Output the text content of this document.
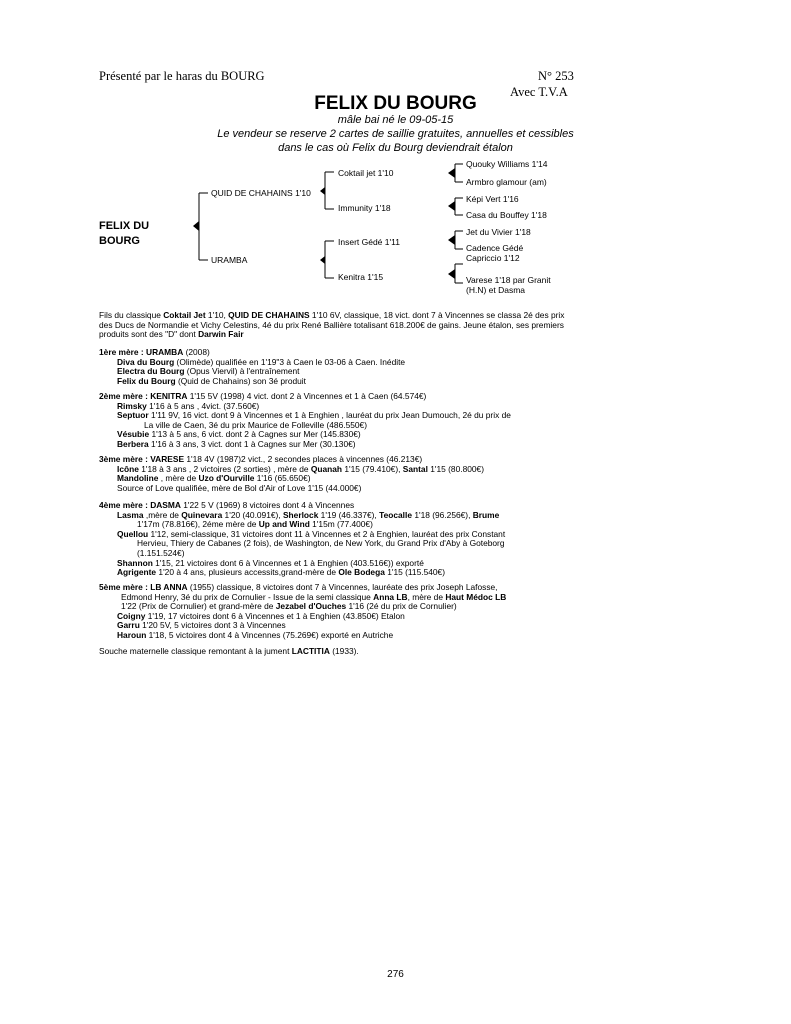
Présenté par le haras du BOURG	N° 253
Avec T.V.A
FELIX DU BOURG
mâle bai né le 09-05-15
Le vendeur se reserve 2 cartes de saillie gratuites, annuelles et cessibles
dans le cas où Felix du Bourg deviendrait étalon
FELIX DU
BOURG
QUID DE CHAHAINS 1'10
URAMBA
Coktail jet 1'10
Immunity 1'18
Insert Gédé 1'11
Kenitra 1'15
Quouky Williams 1'14
Armbro glamour (am)
Képi Vert 1'16
Casa du Bouffey 1'18
Jet du Vivier 1'18
Cadence Gédé
Capriccio 1'12
Varese 1'18 par Granit
(H.N) et Dasma
Fils du classique Coktail Jet 1'10, QUID DE CHAHAINS 1'10 6V, classique, 18 vict. dont 7 à Vincennes se classa 2é des prix des Ducs de Normandie et Vichy Celestins, 4é du prix René Ballière totalisant 618.200€ de gains. Jeune étalon, ses premiers produits sont des "D" dont Darwin Fair
1ère mère : URAMBA (2008)
Diva du Bourg (Olimède) qualifiée en 1'19"3 à Caen le 03-06 à Caen. Inédite
Electra du Bourg (Opus Viervil) à l'entraînement
Felix du Bourg (Quid de Chahains) son 3é produit
2ème mère : KENITRA 1'15 5V (1998) 4 vict. dont 2 à Vincennes et 1 à Caen (64.574€)
Rimsky 1'16 à 5 ans , 4vict. (37.560€)
Septuor 1'11 9V, 16 vict. dont 9 à Vincennes et 1 à Enghien , lauréat du prix Jean Dumouch, 2é du prix de
La ville de Caen, 3é du prix Maurice de Folleville (486.550€)
Vésubie 1'13 à 5 ans, 6 vict. dont 2 à Cagnes sur Mer (145.830€)
Berbera 1'16 à 3 ans, 3 vict. dont 1 à Cagnes sur Mer (30.130€)
3ème mère : VARESE 1'18 4V (1987)2 vict., 2 secondes places à vincennes (46.213€)
Icône 1'18 à 3 ans , 2 victoires (2 sorties) , mère de Quanah 1'15 (79.410€), Santal 1'15 (80.800€)
Mandoline , mère de Uzo d'Ourville 1'16 (65.650€)
Source of Love qualifiée, mère de Bol d'Air of Love 1'15 (44.000€)
4ème mère : DASMA 1'22 5 V (1969) 8 victoires dont 4 à Vincennes
Lasma ,mère de Quinevara 1'20 (40.091€), Sherlock 1'19 (46.337€), Teocalle 1'18 (96.256€), Brume
1'17m (78.816€), 2éme mère de Up and Wind 1'15m (77.400€)
Quellou 1'12, semi-classique, 31 victoires dont 11 à Vincennes et 2 à Enghien, lauréat des prix Constant
Hervieu, Thiery de Cabanes (2 fois), de Washington, de New York, du Grand Prix d'Aby à Goteborg
(1.151.524€)
Shannon 1'15, 21 victoires dont 6 à Vincennes et 1 à Enghien (403.516€)) exporté
Agrigente 1'20 à 4 ans, plusieurs accessits,grand-mère de Ole Bodega 1'15 (115.540€)
5ème mère : LB ANNA (1955) classique, 8 victoires dont 7 à Vincennes, lauréate des prix Joseph Lafosse,
Edmond Henry, 3é du prix de Cornulier - Issue de la semi classique Anna LB, mère de Haut Médoc LB
1'22 (Prix de Cornulier) et grand-mère de Jezabel d'Ouches 1'16 (2é du prix de Cornulier)
Coigny 1'19, 17 victoires dont 6 à Vincennes et 1 à Enghien (43.850€) Etalon
Garru 1'20 5V, 5 victoires dont 3 à Vincennes
Haroun 1'18, 5 victoires dont 4 à Vincennes (75.269€) exporté en Autriche
Souche maternelle classique remontant à la jument LACTITIA (1933).
276
